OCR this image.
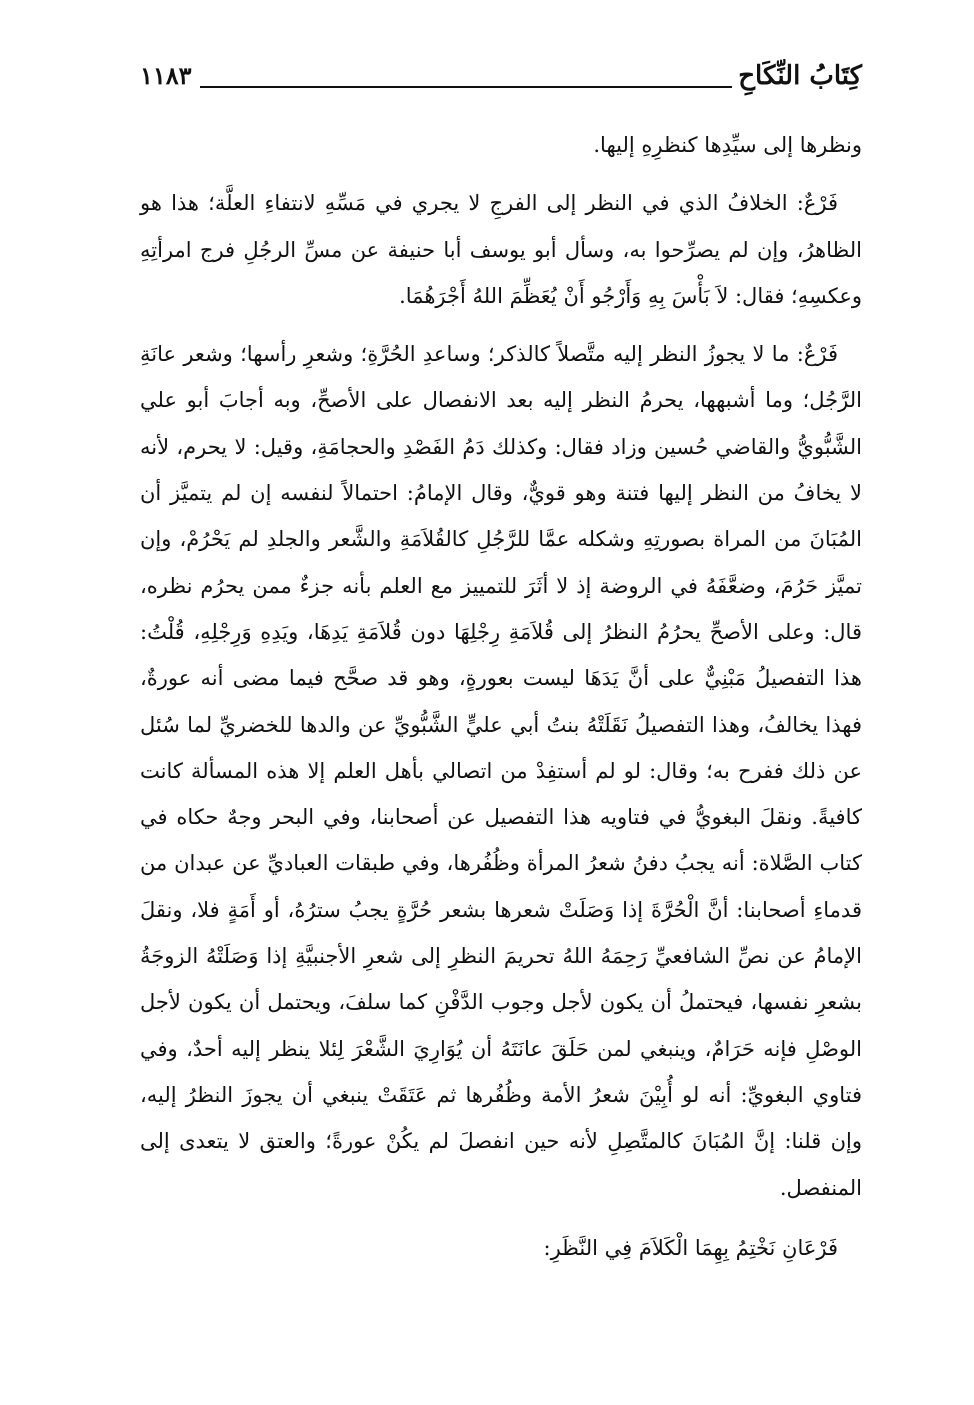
كِتَابُ النِّكَاحِ
١١٨٣

ونظرها إلى سيِّدِها كنظرِهِ إليها.

فَرْعٌ: الخلافُ الذي في النظر إلى الفرجِ لا يجري في مَسِّهِ لانتفاءِ العلَّة؛ هذا هو الظاهرُ، وإن لم يصرِّحوا به، وسأل أبو يوسف أبا حنيفة عن مسِّ الرجُلِ فرج امرأتِهِ وعكسِهِ؛ فقال: لاَ بَأْسَ بِهِ وَأَرْجُو أَنْ يُعَظِّمَ اللهُ أَجْرَهُمَا.

فَرْعٌ: ما لا يجوزُ النظر إليه متَّصلاً كالذكر؛ وساعدِ الحُرَّةِ؛ وشعرِ رأسها؛ وشعر عانَةِ الرَّجُل؛ وما أشبهها، يحرمُ النظر إليه بعد الانفصال على الأصحِّ، وبه أجابَ أبو علي الشَّبُّويُّ والقاضي حُسين وزاد فقال: وكذلك دَمُ الفَصْدِ والحجامَةِ، وقيل: لا يحرم، لأنه لا يخافُ من النظر إليها فتنة وهو قويٌّ، وقال الإمامُ: احتمالاً لنفسه إن لم يتميَّز أن المُبَانَ من المراة بصورتِهِ وشكله عمَّا للرَّجُلِ كالقُلاَمَةِ والشَّعر والجلدِ لم يَحْرُمْ، وإن تميَّز حَرُمَ، وضعَّفَهُ في الروضة إذ لا أثَرَ للتمييز مع العلم بأنه جزءٌ ممن يحرُم نظره، قال: وعلى الأصحِّ يحرُمُ النظرُ إلى قُلاَمَةِ رِجْلِهَا دون قُلاَمَةِ يَدِهَا، ويَدِهِ وَرِجْلِهِ، قُلْتُ: هذا التفصيلُ مَبْنِيٌّ على أنَّ يَدَهَا ليست بعورةٍ، وهو قد صحَّح فيما مضى أنه عورةٌ، فهذا يخالفُ، وهذا التفصيلُ نَقَلَتْهُ بنتُ أبي عليٍّ الشَّبُّويِّ عن والدها للخضريِّ لما سُئل عن ذلك ففرح به؛ وقال: لو لم أستفِدْ من اتصالي بأهل العلم إلا هذه المسألة كانت كافيةً. ونقلَ البغويُّ في فتاويه هذا التفصيل عن أصحابنا، وفي البحر وجهٌ حكاه في كتاب الصَّلاة: أنه يجبُ دفنُ شعرُ المرأة وظُفُرها، وفي طبقات العباديِّ عن عبدان من قدماءِ أصحابنا: أنَّ الْحُرَّةَ إذا وَصَلَتْ شعرها بشعر حُرَّةٍ يجبُ سترُهُ، أو أَمَةٍ فلا، ونقلَ الإمامُ عن نصِّ الشافعيِّ رَحِمَهُ اللهُ تحريمَ النظرِ إلى شعرِ الأجنبيَّةِ إذا وَصَلَتْهُ الزوجَةُ بشعرِ نفسها، فيحتملُ أن يكون لأجل وجوب الدَّفْنِ كما سلفَ، ويحتمل أن يكون لأجل الوصْلِ فإنه حَرَامٌ، وينبغي لمن حَلَقَ عانَتَهُ أن يُوَارِيَ الشَّعْرَ لِئلا ينظر إليه أحدٌ، وفي فتاوي البغويِّ: أنه لو أُبِيْنَ شعرُ الأمة وظُفُرها ثم عَتَقَتْ ينبغي أن يجوزَ النظرُ إليه، وإن قلنا: إنَّ المُبَانَ كالمتَّصِلِ لأنه حين انفصلَ لم يكُنْ عورةً؛ والعتق لا يتعدى إلى المنفصل.

فَرْعَانِ نَخْتِمُ بِهِمَا الْكَلاَمَ فِي النَّظَرِ:
